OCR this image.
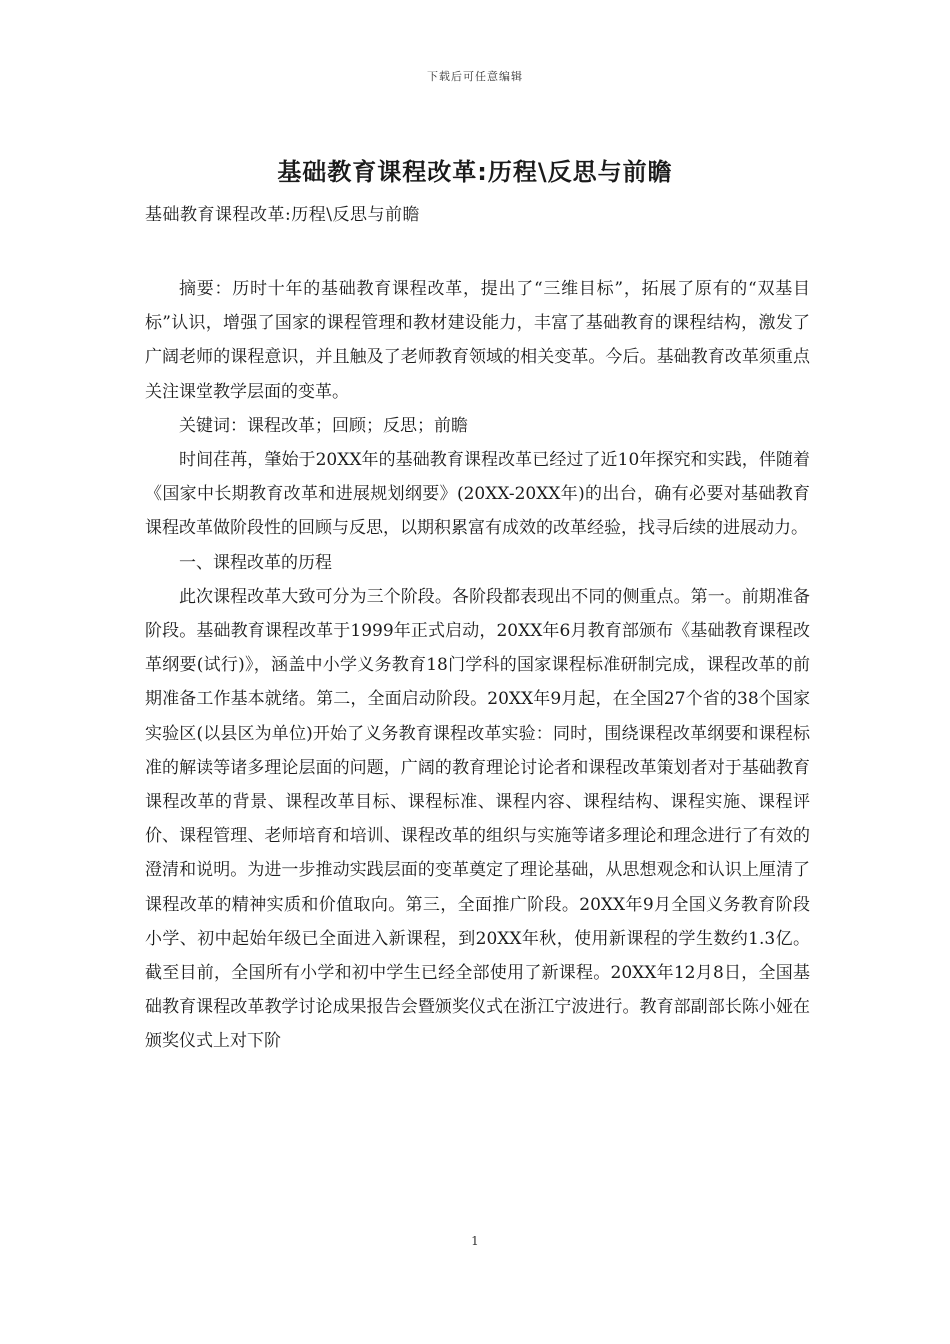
下载后可任意编辑
基础教育课程改革:历程\反思与前瞻
基础教育课程改革:历程\反思与前瞻

摘要：历时十年的基础教育课程改革，提出了“三维目标”，拓展了原有的“双基目标”认识，增强了国家的课程管理和教材建设能力，丰富了基础教育的课程结构，激发了广阔老师的课程意识，并且触及了老师教育领域的相关变革。今后。基础教育改革须重点关注课堂教学层面的变革。

关键词：课程改革；回顾；反思；前瞻

时间荏苒，肇始于20XX年的基础教育课程改革已经过了近10年探究和实践，伴随着《国家中长期教育改革和进展规划纲要》(20XX-20XX年)的出台，确有必要对基础教育课程改革做阶段性的回顾与反思，以期积累富有成效的改革经验，找寻后续的进展动力。

一、课程改革的历程

此次课程改革大致可分为三个阶段。各阶段都表现出不同的侧重点。第一。前期准备阶段。基础教育课程改革于1999年正式启动，20XX年6月教育部颁布《基础教育课程改革纲要(试行)》，涵盖中小学义务教育18门学科的国家课程标准研制完成，课程改革的前期准备工作基本就绪。第二，全面启动阶段。20XX年9月起，在全国27个省的38个国家实验区(以县区为单位)开始了义务教育课程改革实验：同时，围绕课程改革纲要和课程标准的解读等诸多理论层面的问题，广阔的教育理论讨论者和课程改革策划者对于基础教育课程改革的背景、课程改革目标、课程标准、课程内容、课程结构、课程实施、课程评价、课程管理、老师培育和培训、课程改革的组织与实施等诸多理论和理念进行了有效的澄清和说明。为进一步推动实践层面的变革奠定了理论基础，从思想观念和认识上厘清了课程改革的精神实质和价值取向。第三，全面推广阶段。20XX年9月全国义务教育阶段小学、初中起始年级已全面进入新课程，到20XX年秋，使用新课程的学生数约1.3亿。截至目前，全国所有小学和初中学生已经全部使用了新课程。20XX年12月8日，全国基础教育课程改革教学讨论成果报告会暨颁奖仪式在浙江宁波进行。教育部副部长陈小娅在颁奖仪式上对下阶

1
